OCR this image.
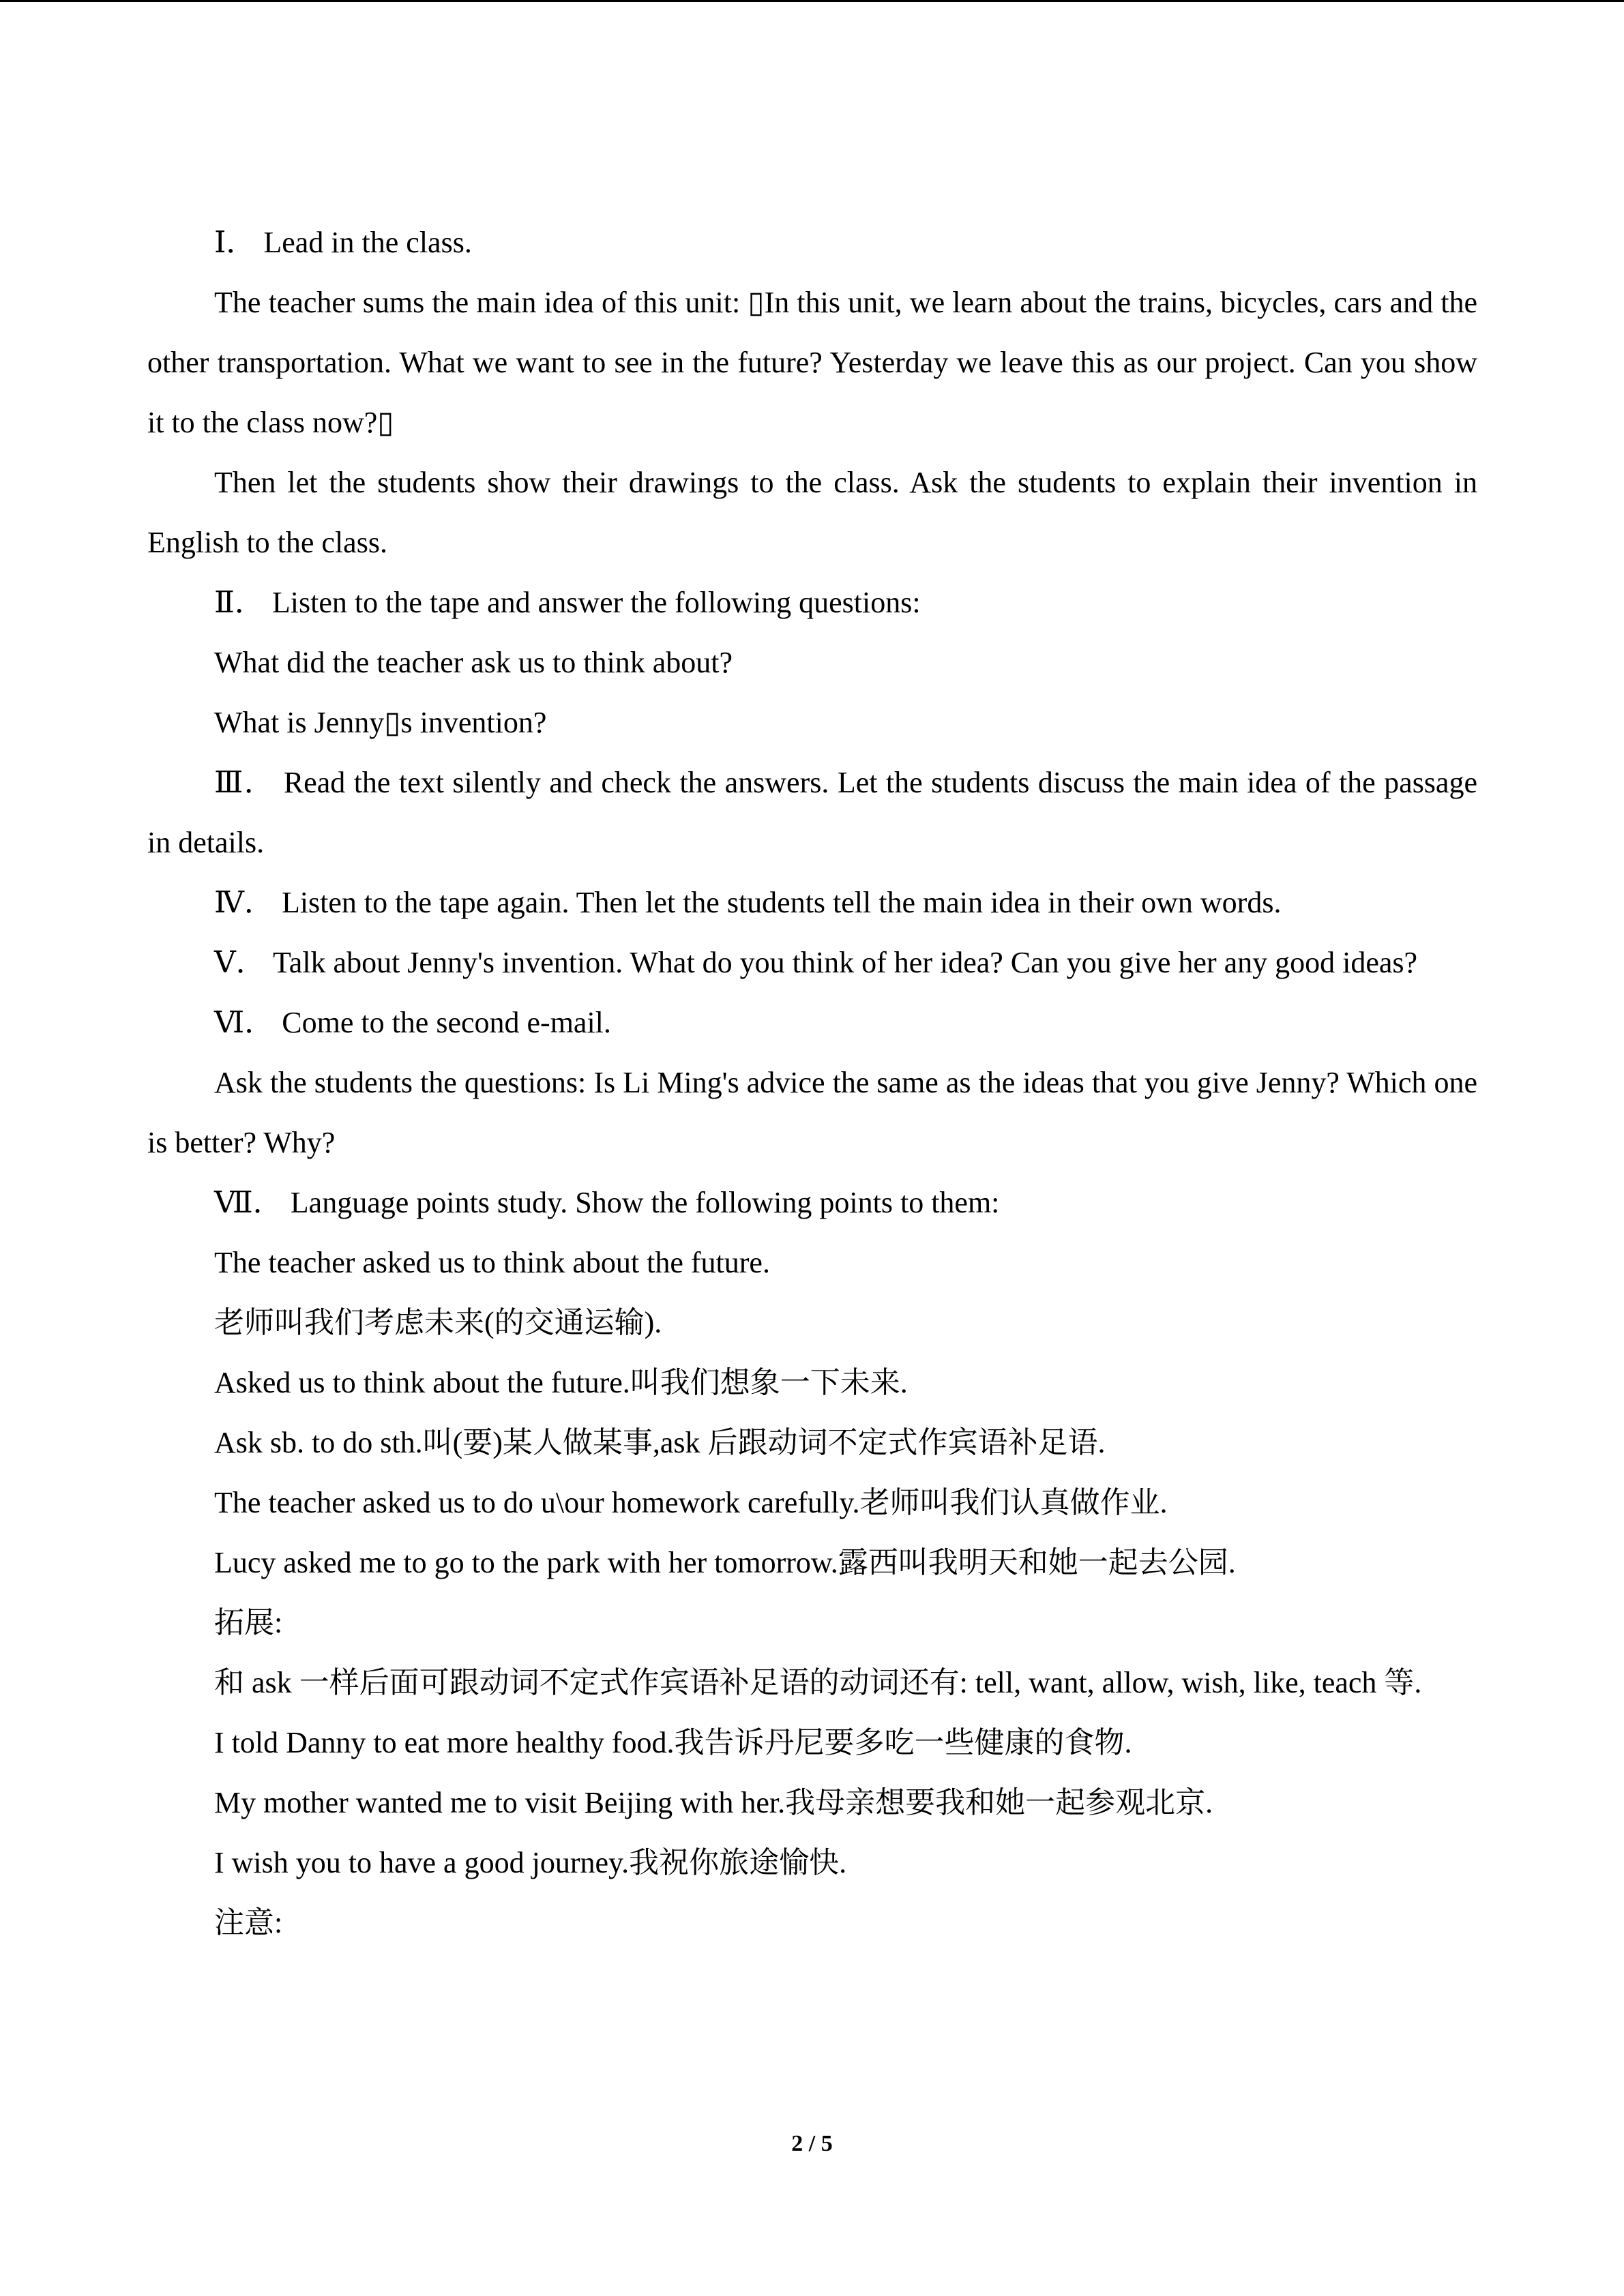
Ⅰ． Lead in the class.

The teacher sums the main idea of this unit: ▯In this unit, we learn about the trains, bicycles, cars and the other transportation. What we want to see in the future? Yesterday we leave this as our project. Can you show it to the class now?▯

Then let the students show their drawings to the class. Ask the students to explain their invention in English to the class.

Ⅱ． Listen to the tape and answer the following questions:

What did the teacher ask us to think about?

What is Jenny▯s invention?

Ⅲ． Read the text silently and check the answers. Let the students discuss the main idea of the passage in details.

Ⅳ． Listen to the tape again. Then let the students tell the main idea in their own words.

Ⅴ． Talk about Jenny's invention. What do you think of her idea? Can you give her any good ideas?

Ⅵ． Come to the second e-mail.

Ask the students the questions: Is Li Ming's advice the same as the ideas that you give Jenny? Which one is better? Why?

Ⅶ． Language points study. Show the following points to them:

The teacher asked us to think about the future.

老师叫我们考虑未来(的交通运输).

Asked us to think about the future.叫我们想象一下未来.

Ask sb. to do sth.叫(要)某人做某事,ask 后跟动词不定式作宾语补足语.

The teacher asked us to do u\our homework carefully.老师叫我们认真做作业.

Lucy asked me to go to the park with her tomorrow.露西叫我明天和她一起去公园.

拓展:

和 ask 一样后面可跟动词不定式作宾语补足语的动词还有: tell, want, allow, wish, like, teach 等.

I told Danny to eat more healthy food.我告诉丹尼要多吃一些健康的食物.

My mother wanted me to visit Beijing with her.我母亲想要我和她一起参观北京.

I wish you to have a good journey.我祝你旅途愉快.

注意:

2 / 5
